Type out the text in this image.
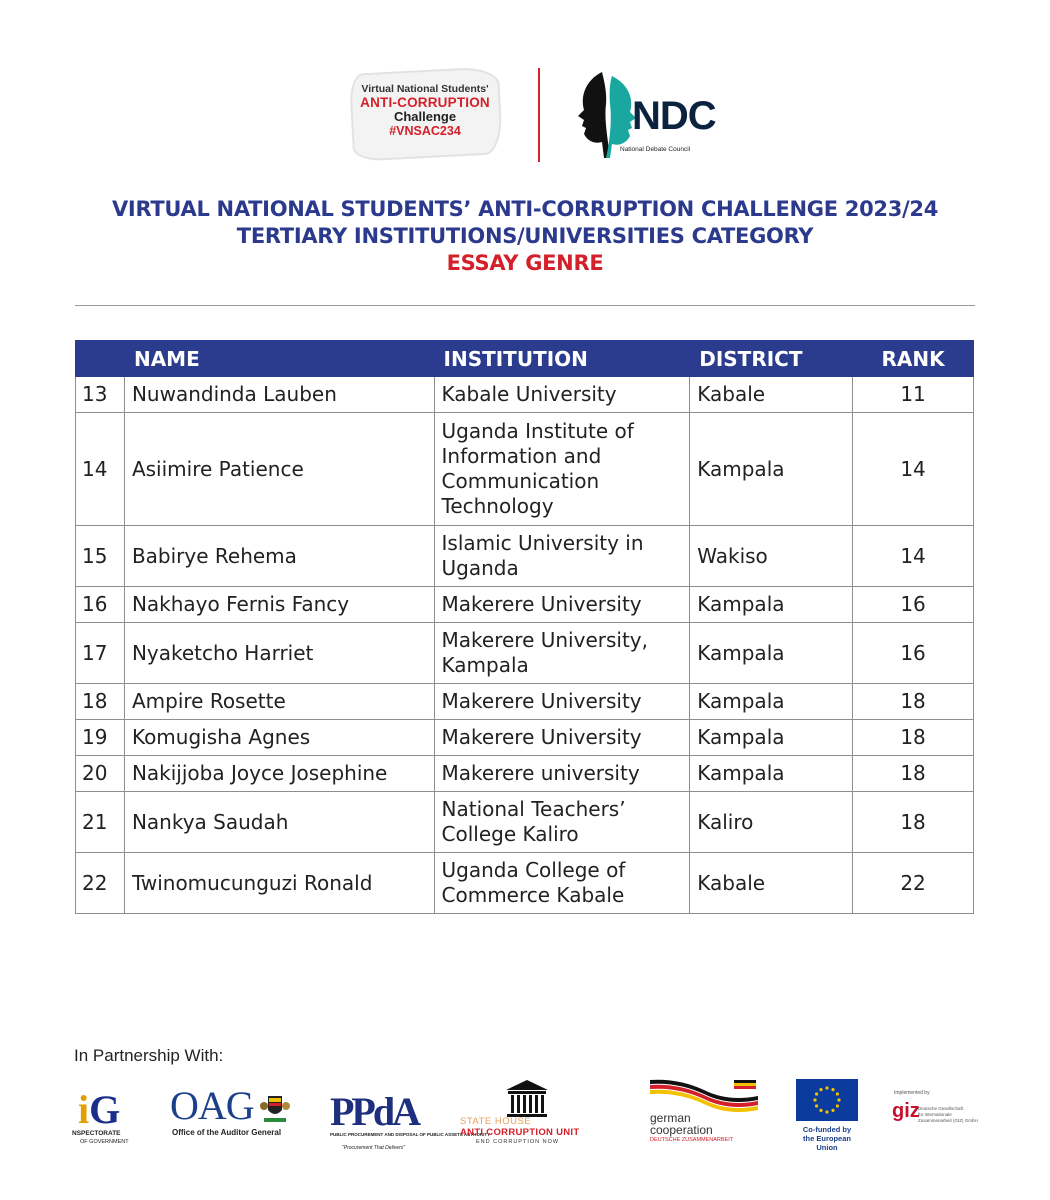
Virtual National Students'
ANTI-CORRUPTION
Challenge
#VNSAC234	NDC
National Debate Council
VIRTUAL NATIONAL STUDENTS’ ANTI-CORRUPTION CHALLENGE 2023/24
TERTIARY INSTITUTIONS/UNIVERSITIES CATEGORY
ESSAY GENRE
	NAME	INSTITUTION	DISTRICT	RANK
13	Nuwandinda Lauben	Kabale University	Kabale	11
14	Asiimire Patience	Uganda Institute of Information and Communication Technology	Kampala	14
15	Babirye Rehema	Islamic University in Uganda	Wakiso	14
16	Nakhayo Fernis Fancy	Makerere University	Kampala	16
17	Nyaketcho Harriet	Makerere University, Kampala	Kampala	16
18	Ampire Rosette	Makerere University	Kampala	18
19	Komugisha Agnes	Makerere University	Kampala	18
20	Nakijjoba Joyce Josephine	Makerere university	Kampala	18
21	Nankya Saudah	National Teachers’ College Kaliro	Kaliro	18
22	Twinomucunguzi Ronald	Uganda College of Commerce Kabale	Kabale	22
In Partnership With:
iG
NSPECTORATE
OF GOVERNMENT
OAG
Office of the Auditor General PPdA
PUBLIC PROCUREMENT AND DISPOSAL OF PUBLIC ASSETS AUTHORITY
"Procurement That Delivers"
STATE HOUSE
ANTI CORRUPTION UNIT
END CORRUPTION NOW
german
cooperation
DEUTSCHE ZUSAMMENARBEIT
Co-funded by
the European Union
Implemented by
giz
Deutsche Gesellschaft
für Internationale
Zusammenarbeit (GIZ) GmbH
